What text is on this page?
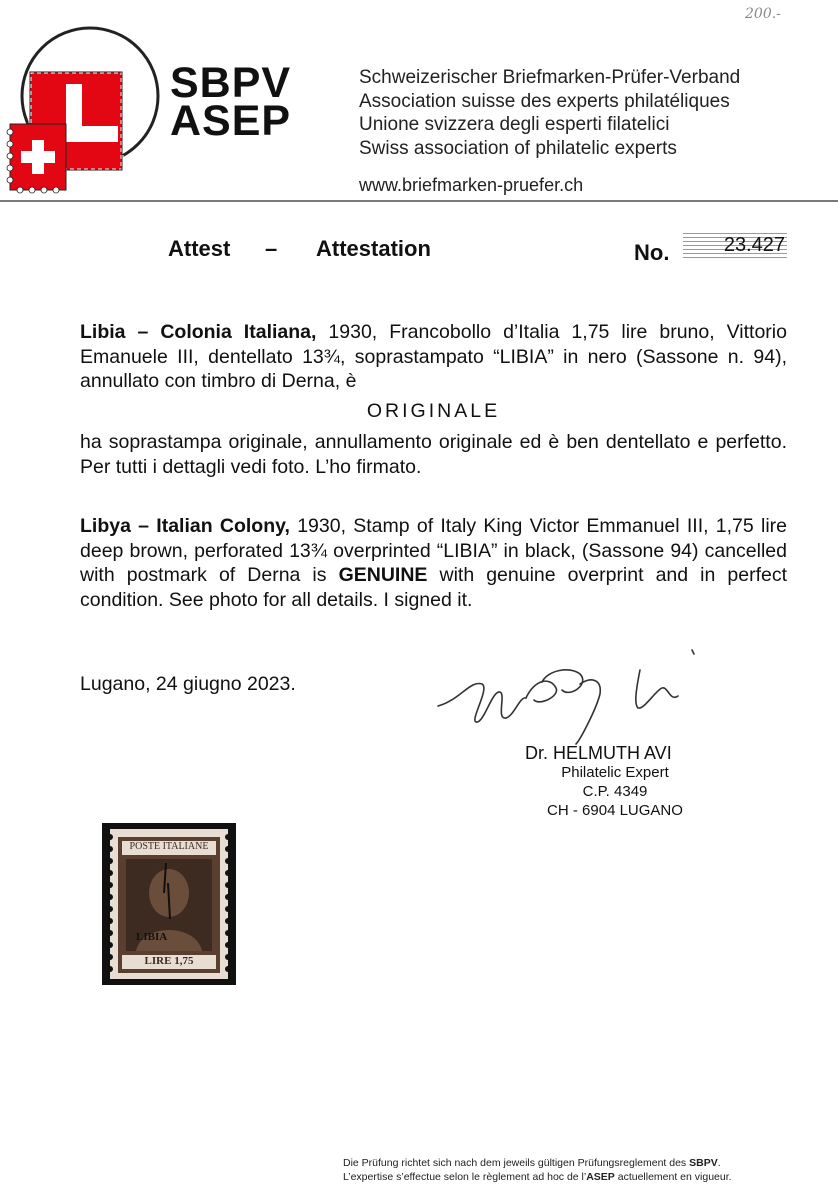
200.-
SBPV
ASEP
Schweizerischer Briefmarken-Prüfer-Verband
Association suisse des experts philatéliques
Unione svizzera degli esperti filatelici
Swiss association of philatelic experts
www.briefmarken-pruefer.ch
Attest – Attestation	No.	23.427
Libia – Colonia Italiana, 1930, Francobollo d’Italia 1,75 lire bruno, Vittorio Emanuele III, dentellato 13¾, soprastampato “LIBIA” in nero (Sassone n. 94), annullato con timbro di Derna, è
ORIGINALE
ha soprastampa originale, annullamento originale ed è ben dentellato e perfetto. Per tutti i dettagli vedi foto. L’ho firmato.
Libya – Italian Colony, 1930, Stamp of Italy King Victor Emmanuel III, 1,75 lire deep brown, perforated 13¾ overprinted “LIBIA” in black, (Sassone 94) cancelled with postmark of Derna is GENUINE with genuine overprint and in perfect condition. See photo for all details. I signed it.
Lugano, 24 giugno 2023.
Dr. HELMUTH AVI
Philatelic Expert
C.P. 4349
CH - 6904 LUGANO
POSTE ITALIANE
LIBIA
LIRE 1,75
Die Prüfung richtet sich nach dem jeweils gültigen Prüfungsreglement des SBPV.
L’expertise s’effectue selon le règlement ad hoc de l’ASEP actuellement en vigueur.
